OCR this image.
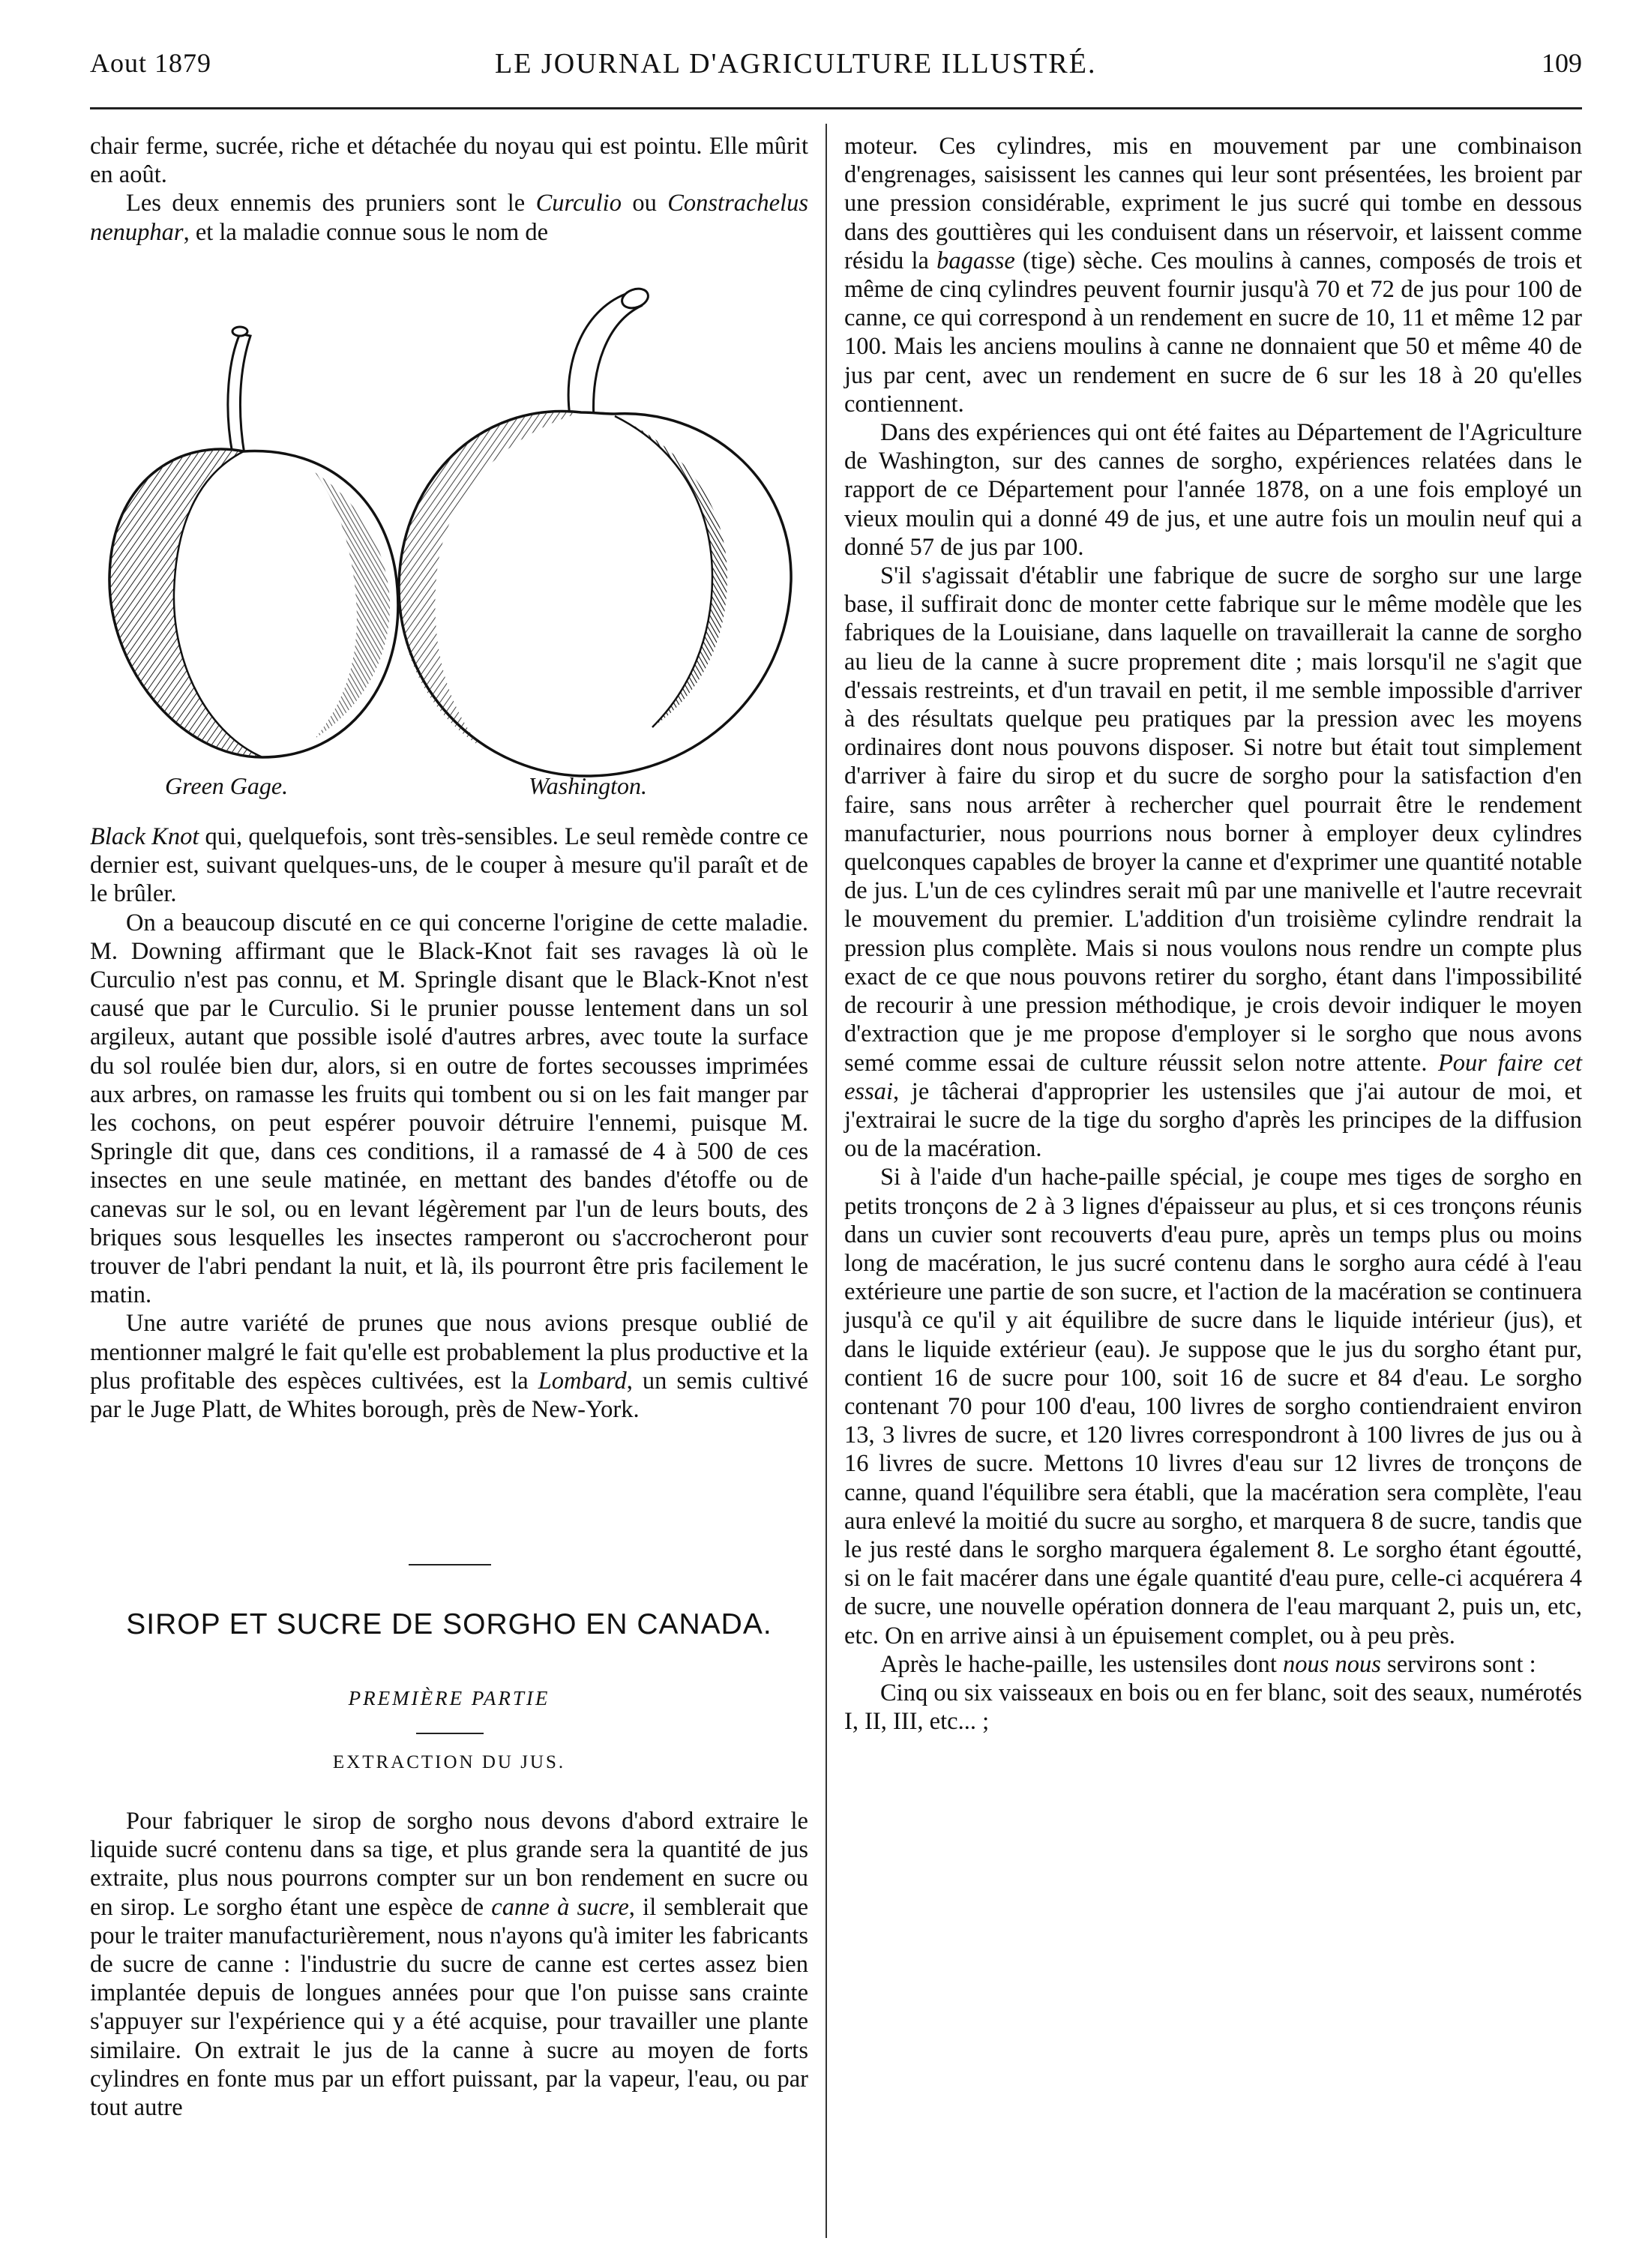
Aout 1879	LE JOURNAL D'AGRICULTURE ILLUSTRÉ.	109

chair ferme, sucrée, riche et détachée du noyau qui est pointu. Elle mûrit en août.

Les deux ennemis des pruniers sont le Curculio ou Constrachelus nenuphar, et la maladie connue sous le nom de

Green Gage.	Washington.

Black Knot qui, quelquefois, sont très-sensibles. Le seul remède contre ce dernier est, suivant quelques-uns, de le couper à mesure qu'il paraît et de le brûler.

On a beaucoup discuté en ce qui concerne l'origine de cette maladie. M. Downing affirmant que le Black-Knot fait ses ravages là où le Curculio n'est pas connu, et M. Springle disant que le Black-Knot n'est causé que par le Curculio. Si le prunier pousse lentement dans un sol argileux, autant que possible isolé d'autres arbres, avec toute la surface du sol roulée bien dur, alors, si en outre de fortes secousses imprimées aux arbres, on ramasse les fruits qui tombent ou si on les fait manger par les cochons, on peut espérer pouvoir détruire l'ennemi, puisque M. Springle dit que, dans ces conditions, il a ramassé de 4 à 500 de ces insectes en une seule matinée, en mettant des bandes d'étoffe ou de canevas sur le sol, ou en levant légèrement par l'un de leurs bouts, des briques sous lesquelles les insectes ramperont ou s'accrocheront pour trouver de l'abri pendant la nuit, et là, ils pourront être pris facilement le matin.

Une autre variété de prunes que nous avions presque oublié de mentionner malgré le fait qu'elle est probablement la plus productive et la plus profitable des espèces cultivées, est la Lombard, un semis cultivé par le Juge Platt, de Whites borough, près de New-York.

SIROP ET SUCRE DE SORGHO EN CANADA.
PREMIÈRE PARTIE
EXTRACTION DU JUS.

Pour fabriquer le sirop de sorgho nous devons d'abord extraire le liquide sucré contenu dans sa tige, et plus grande sera la quantité de jus extraite, plus nous pourrons compter sur un bon rendement en sucre ou en sirop. Le sorgho étant une espèce de canne à sucre, il semblerait que pour le traiter manufacturièrement, nous n'ayons qu'à imiter les fabricants de sucre de canne : l'industrie du sucre de canne est certes assez bien implantée depuis de longues années pour que l'on puisse sans crainte s'appuyer sur l'expérience qui y a été acquise, pour travailler une plante similaire. On extrait le jus de la canne à sucre au moyen de forts cylindres en fonte mus par un effort puissant, par la vapeur, l'eau, ou par tout autre

moteur. Ces cylindres, mis en mouvement par une combinaison d'engrenages, saisissent les cannes qui leur sont présentées, les broient par une pression considérable, expriment le jus sucré qui tombe en dessous dans des gouttières qui les conduisent dans un réservoir, et laissent comme résidu la bagasse (tige) sèche. Ces moulins à cannes, composés de trois et même de cinq cylindres peuvent fournir jusqu'à 70 et 72 de jus pour 100 de canne, ce qui correspond à un rendement en sucre de 10, 11 et même 12 par 100. Mais les anciens moulins à canne ne donnaient que 50 et même 40 de jus par cent, avec un rendement en sucre de 6 sur les 18 à 20 qu'elles contiennent.

Dans des expériences qui ont été faites au Département de l'Agriculture de Washington, sur des cannes de sorgho, expériences relatées dans le rapport de ce Département pour l'année 1878, on a une fois employé un vieux moulin qui a donné 49 de jus, et une autre fois un moulin neuf qui a donné 57 de jus par 100.

S'il s'agissait d'établir une fabrique de sucre de sorgho sur une large base, il suffirait donc de monter cette fabrique sur le même modèle que les fabriques de la Louisiane, dans laquelle on travaillerait la canne de sorgho au lieu de la canne à sucre proprement dite ; mais lorsqu'il ne s'agit que d'essais restreints, et d'un travail en petit, il me semble impossible d'arriver à des résultats quelque peu pratiques par la pression avec les moyens ordinaires dont nous pouvons disposer. Si notre but était tout simplement d'arriver à faire du sirop et du sucre de sorgho pour la satisfaction d'en faire, sans nous arrêter à rechercher quel pourrait être le rendement manufacturier, nous pourrions nous borner à employer deux cylindres quelconques capables de broyer la canne et d'exprimer une quantité notable de jus. L'un de ces cylindres serait mû par une manivelle et l'autre recevrait le mouvement du premier. L'addition d'un troisième cylindre rendrait la pression plus complète. Mais si nous voulons nous rendre un compte plus exact de ce que nous pouvons retirer du sorgho, étant dans l'impossibilité de recourir à une pression méthodique, je crois devoir indiquer le moyen d'extraction que je me propose d'employer si le sorgho que nous avons semé comme essai de culture réussit selon notre attente. Pour faire cet essai, je tâcherai d'approprier les ustensiles que j'ai autour de moi, et j'extrairai le sucre de la tige du sorgho d'après les principes de la diffusion ou de la macération.

Si à l'aide d'un hache-paille spécial, je coupe mes tiges de sorgho en petits tronçons de 2 à 3 lignes d'épaisseur au plus, et si ces tronçons réunis dans un cuvier sont recouverts d'eau pure, après un temps plus ou moins long de macération, le jus sucré contenu dans le sorgho aura cédé à l'eau extérieure une partie de son sucre, et l'action de la macération se continuera jusqu'à ce qu'il y ait équilibre de sucre dans le liquide intérieur (jus), et dans le liquide extérieur (eau). Je suppose que le jus du sorgho étant pur, contient 16 de sucre pour 100, soit 16 de sucre et 84 d'eau. Le sorgho contenant 70 pour 100 d'eau, 100 livres de sorgho contiendraient environ 13, 3 livres de sucre, et 120 livres correspondront à 100 livres de jus ou à 16 livres de sucre. Mettons 10 livres d'eau sur 12 livres de tronçons de canne, quand l'équilibre sera établi, que la macération sera complète, l'eau aura enlevé la moitié du sucre au sorgho, et marquera 8 de sucre, tandis que le jus resté dans le sorgho marquera également 8. Le sorgho étant égoutté, si on le fait macérer dans une égale quantité d'eau pure, celle-ci acquérera 4 de sucre, une nouvelle opération donnera de l'eau marquant 2, puis un, etc, etc. On en arrive ainsi à un épuisement complet, ou à peu près.

Après le hache-paille, les ustensiles dont nous nous servirons sont :

Cinq ou six vaisseaux en bois ou en fer blanc, soit des seaux, numérotés I, II, III, etc... ;
